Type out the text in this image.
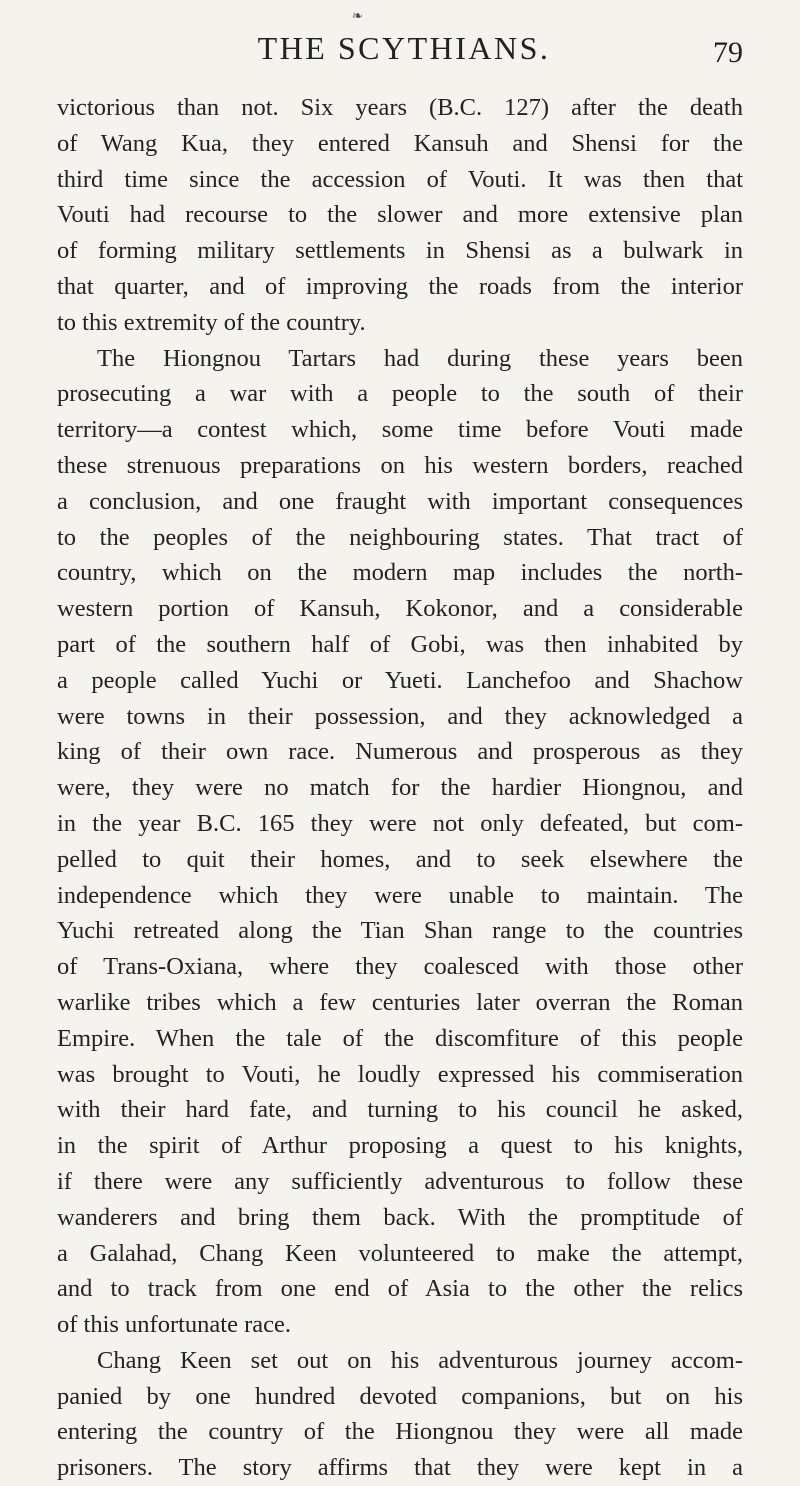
❧
THE SCYTHIANS.	79
victorious than not. Six years (B.C. 127) after the death
of Wang Kua, they entered Kansuh and Shensi for the
third time since the accession of Vouti. It was then that
Vouti had recourse to the slower and more extensive plan
of forming military settlements in Shensi as a bulwark in
that quarter, and of improving the roads from the interior
to this extremity of the country.
The Hiongnou Tartars had during these years been
prosecuting a war with a people to the south of their
territory—a contest which, some time before Vouti made
these strenuous preparations on his western borders, reached
a conclusion, and one fraught with important consequences
to the peoples of the neighbouring states. That tract of
country, which on the modern map includes the north-
western portion of Kansuh, Kokonor, and a considerable
part of the southern half of Gobi, was then inhabited by
a people called Yuchi or Yueti. Lanchefoo and Shachow
were towns in their possession, and they acknowledged a
king of their own race. Numerous and prosperous as they
were, they were no match for the hardier Hiongnou, and
in the year B.C. 165 they were not only defeated, but com-
pelled to quit their homes, and to seek elsewhere the
independence which they were unable to maintain. The
Yuchi retreated along the Tian Shan range to the countries
of Trans-Oxiana, where they coalesced with those other
warlike tribes which a few centuries later overran the Roman
Empire. When the tale of the discomfiture of this people
was brought to Vouti, he loudly expressed his commiseration
with their hard fate, and turning to his council he asked,
in the spirit of Arthur proposing a quest to his knights,
if there were any sufficiently adventurous to follow these
wanderers and bring them back. With the promptitude of
a Galahad, Chang Keen volunteered to make the attempt,
and to track from one end of Asia to the other the relics
of this unfortunate race.
Chang Keen set out on his adventurous journey accom-
panied by one hundred devoted companions, but on his
entering the country of the Hiongnou they were all made
prisoners. The story affirms that they were kept in a
